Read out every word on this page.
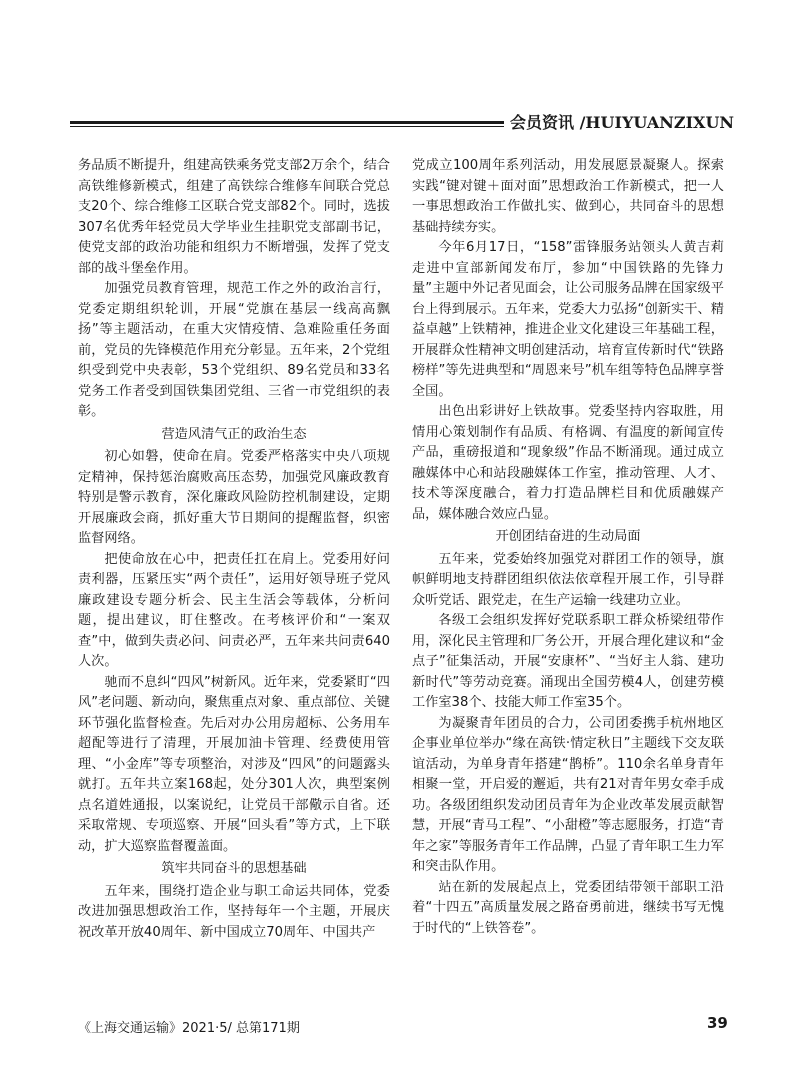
会员资讯 /HUIYUANZIXUN

务品质不断提升，组建高铁乘务党支部2万余个，结合高铁维修新模式，组建了高铁综合维修车间联合党总支20个、综合维修工区联合党支部82个。同时，选拔307名优秀年轻党员大学毕业生挂职党支部副书记，使党支部的政治功能和组织力不断增强，发挥了党支部的战斗堡垒作用。

加强党员教育管理，规范工作之外的政治言行，党委定期组织轮训，开展“党旗在基层一线高高飘扬”等主题活动，在重大灾情疫情、急难险重任务面前，党员的先锋模范作用充分彰显。五年来，2个党组织受到党中央表彰，53个党组织、89名党员和33名党务工作者受到国铁集团党组、三省一市党组织的表彰。

营造风清气正的政治生态

初心如磐，使命在肩。党委严格落实中央八项规定精神，保持惩治腐败高压态势，加强党风廉政教育特别是警示教育，深化廉政风险防控机制建设，定期开展廉政会商，抓好重大节日期间的提醒监督，织密监督网络。

把使命放在心中，把责任扛在肩上。党委用好问责利器，压紧压实“两个责任”，运用好领导班子党风廉政建设专题分析会、民主生活会等载体，分析问题，提出建议，盯住整改。在考核评价和“一案双查”中，做到失责必问、问责必严，五年来共问责640人次。

驰而不息纠“四风”树新风。近年来，党委紧盯“四风”老问题、新动向，聚焦重点对象、重点部位、关键环节强化监督检查。先后对办公用房超标、公务用车超配等进行了清理，开展加油卡管理、经费使用管理、“小金库”等专项整治，对涉及“四风”的问题露头就打。五年共立案168起，处分301人次，典型案例点名道姓通报，以案说纪，让党员干部儆示自省。还采取常规、专项巡察、开展“回头看”等方式，上下联动，扩大巡察监督覆盖面。

筑牢共同奋斗的思想基础

五年来，围绕打造企业与职工命运共同体，党委改进加强思想政治工作，坚持每年一个主题，开展庆祝改革开放40周年、新中国成立70周年、中国共产

党成立100周年系列活动，用发展愿景凝聚人。探索实践“键对键＋面对面”思想政治工作新模式，把一人一事思想政治工作做扎实、做到心，共同奋斗的思想基础持续夯实。

今年6月17日，“158”雷锋服务站领头人黄吉莉走进中宣部新闻发布厅，参加“中国铁路的先锋力量”主题中外记者见面会，让公司服务品牌在国家级平台上得到展示。五年来，党委大力弘扬“创新实干、精益卓越”上铁精神，推进企业文化建设三年基础工程，开展群众性精神文明创建活动，培育宣传新时代“铁路榜样”等先进典型和“周恩来号”机车组等特色品牌享誉全国。

出色出彩讲好上铁故事。党委坚持内容取胜，用情用心策划制作有品质、有格调、有温度的新闻宣传产品，重磅报道和“现象级”作品不断涌现。通过成立融媒体中心和站段融媒体工作室，推动管理、人才、技术等深度融合，着力打造品牌栏目和优质融媒产品，媒体融合效应凸显。

开创团结奋进的生动局面

五年来，党委始终加强党对群团工作的领导，旗帜鲜明地支持群团组织依法依章程开展工作，引导群众听党话、跟党走，在生产运输一线建功立业。

各级工会组织发挥好党联系职工群众桥梁纽带作用，深化民主管理和厂务公开，开展合理化建议和“金点子”征集活动，开展“安康杯”、“当好主人翁、建功新时代”等劳动竞赛。涌现出全国劳模4人，创建劳模工作室38个、技能大师工作室35个。

为凝聚青年团员的合力，公司团委携手杭州地区企事业单位举办“缘在高铁·情定秋日”主题线下交友联谊活动，为单身青年搭建“鹊桥”。110余名单身青年相聚一堂，开启爱的邂逅，共有21对青年男女牵手成功。各级团组织发动团员青年为企业改革发展贡献智慧，开展“青马工程”、“小甜橙”等志愿服务，打造“青年之家”等服务青年工作品牌，凸显了青年职工生力军和突击队作用。

站在新的发展起点上，党委团结带领干部职工沿着“十四五”高质量发展之路奋勇前进，继续书写无愧于时代的“上铁答卷”。

《上海交通运输》2021·5/ 总第171期	39
